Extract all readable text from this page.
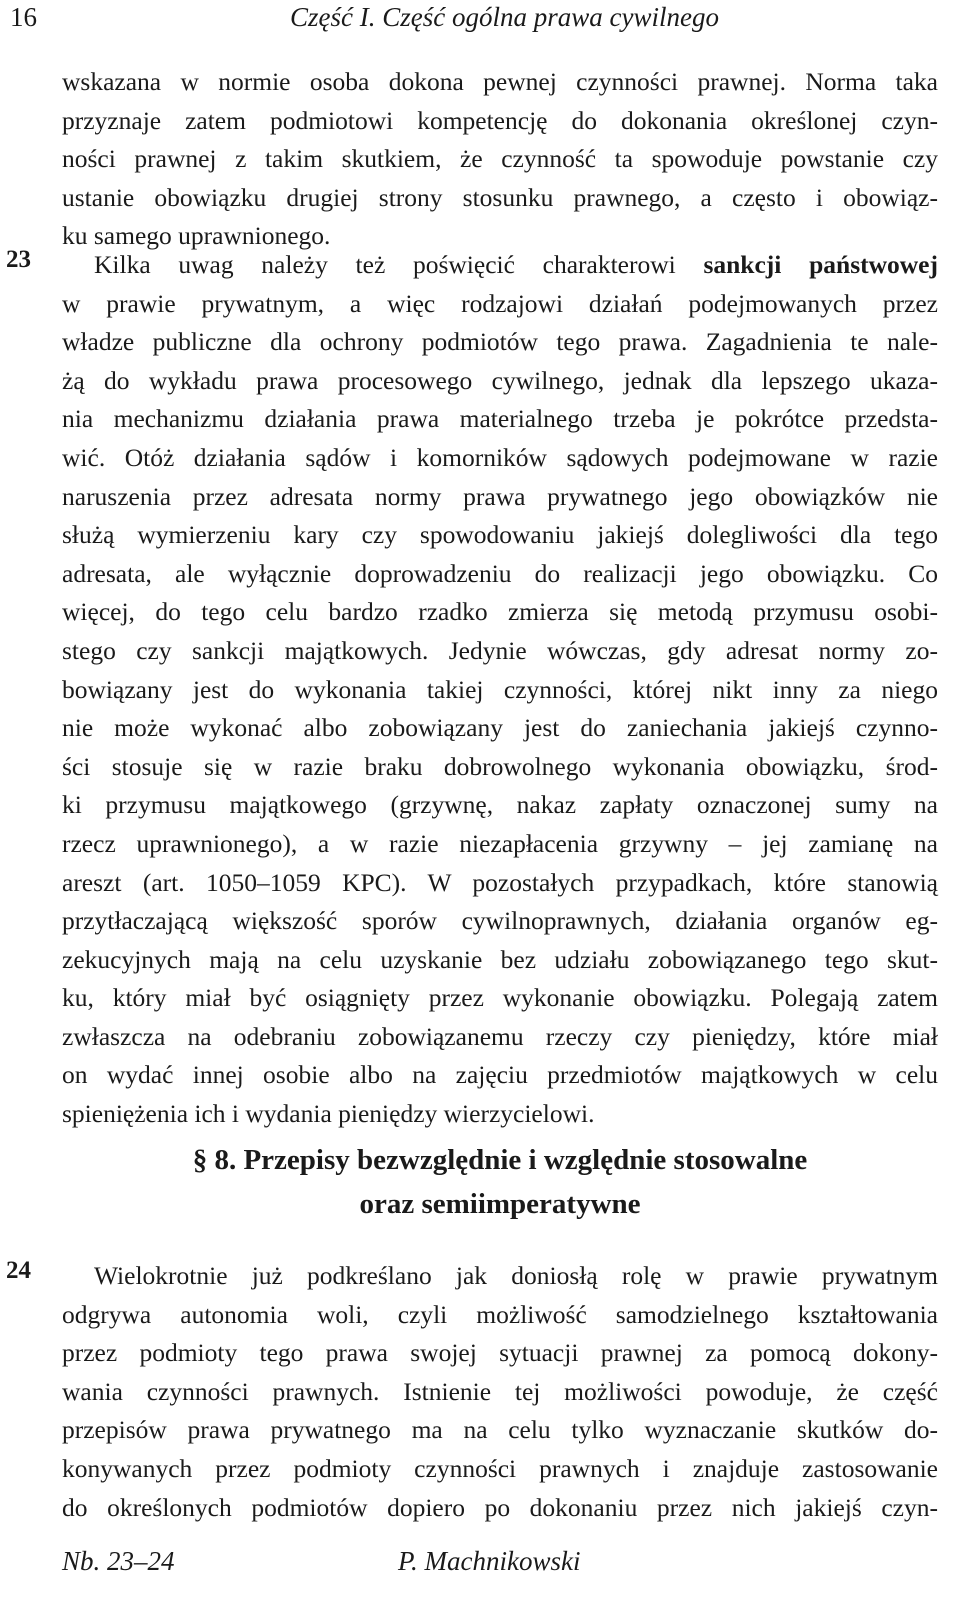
16	Część I. Część ogólna prawa cywilnego
wskazana w normie osoba dokona pewnej czynności prawnej. Norma taka
przyznaje zatem podmiotowi kompetencję do dokonania określonej czyn-
ności prawnej z takim skutkiem, że czynność ta spowoduje powstanie czy
ustanie obowiązku drugiej strony stosunku prawnego, a często i obowiąz-
ku samego uprawnionego.
23	Kilka uwag należy też poświęcić charakterowi sankcji państwowej
w prawie prywatnym, a więc rodzajowi działań podejmowanych przez
władze publiczne dla ochrony podmiotów tego prawa. Zagadnienia te nale-
żą do wykładu prawa procesowego cywilnego, jednak dla lepszego ukaza-
nia mechanizmu działania prawa materialnego trzeba je pokrótce przedsta-
wić. Otóż działania sądów i komorników sądowych podejmowane w razie
naruszenia przez adresata normy prawa prywatnego jego obowiązków nie
służą wymierzeniu kary czy spowodowaniu jakiejś dolegliwości dla tego
adresata, ale wyłącznie doprowadzeniu do realizacji jego obowiązku. Co
więcej, do tego celu bardzo rzadko zmierza się metodą przymusu osobi-
stego czy sankcji majątkowych. Jedynie wówczas, gdy adresat normy zo-
bowiązany jest do wykonania takiej czynności, której nikt inny za niego
nie może wykonać albo zobowiązany jest do zaniechania jakiejś czynno-
ści stosuje się w razie braku dobrowolnego wykonania obowiązku, środ-
ki przymusu majątkowego (grzywnę, nakaz zapłaty oznaczonej sumy na
rzecz uprawnionego), a w razie niezapłacenia grzywny – jej zamianę na
areszt (art. 1050–1059 KPC). W pozostałych przypadkach, które stanowią
przytłaczającą większość sporów cywilnoprawnych, działania organów eg-
zekucyjnych mają na celu uzyskanie bez udziału zobowiązanego tego skut-
ku, który miał być osiągnięty przez wykonanie obowiązku. Polegają zatem
zwłaszcza na odebraniu zobowiązanemu rzeczy czy pieniędzy, które miał
on wydać innej osobie albo na zajęciu przedmiotów majątkowych w celu
spieniężenia ich i wydania pieniędzy wierzycielowi.
§ 8. Przepisy bezwzględnie i względnie stosowalne
oraz semiimperatywne
24	Wielokrotnie już podkreślano jak doniosłą rolę w prawie prywatnym
odgrywa autonomia woli, czyli możliwość samodzielnego kształtowania
przez podmioty tego prawa swojej sytuacji prawnej za pomocą dokony-
wania czynności prawnych. Istnienie tej możliwości powoduje, że część
przepisów prawa prywatnego ma na celu tylko wyznaczanie skutków do-
konywanych przez podmioty czynności prawnych i znajduje zastosowanie
do określonych podmiotów dopiero po dokonaniu przez nich jakiejś czyn-
Nb. 23–24	P. Machnikowski
